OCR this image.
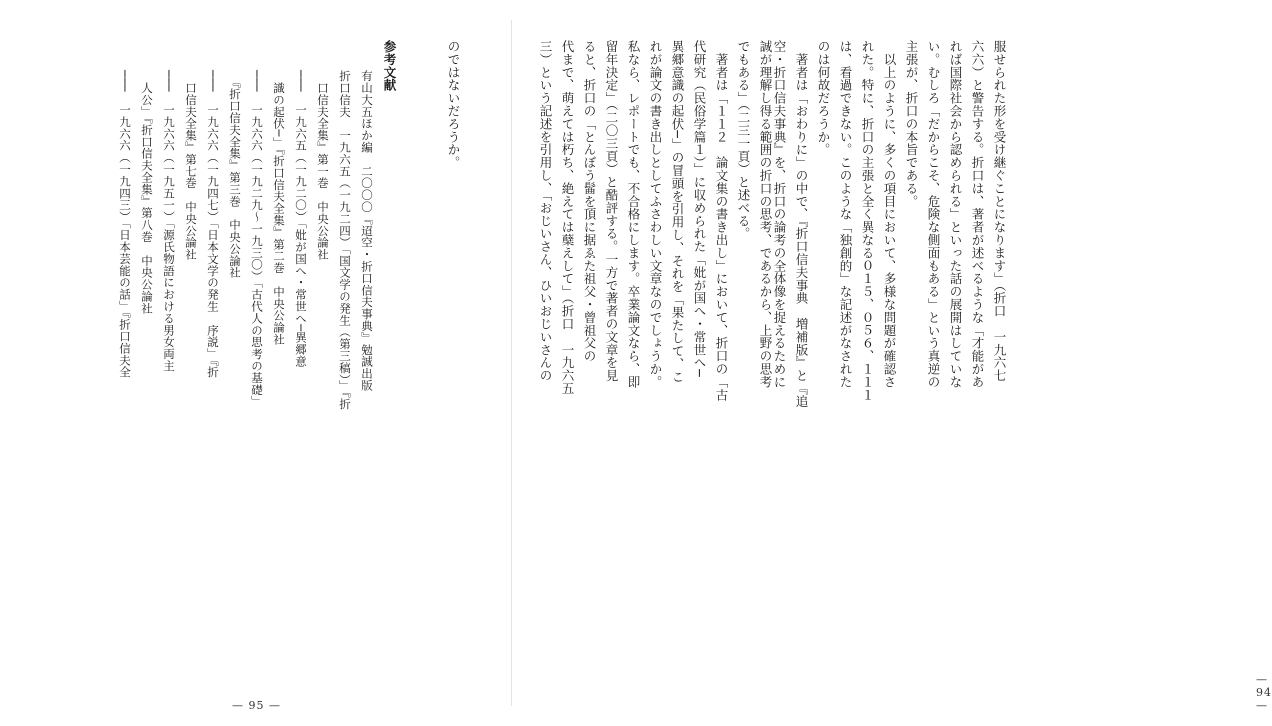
のではないだろうか。
参考文献
有山大五ほか編　二〇〇〇『迢空・折口信夫事典』勉誠出版
折口信夫　一九六五（一九二四）「国文学の発生（第三稿）」『折
　口信夫全集』第一巻　中央公論社
───　一九六五（一九二〇）「妣が国へ・常世へ─異郷意
　識の起伏─」『折口信夫全集』第二巻　中央公論社
───　一九六六（一九二九～一九三〇）「古代人の思考の基礎」
　『折口信夫全集』第三巻　中央公論社
───　一九六六（一九四七）「日本文学の発生　序説」『折
　口信夫全集』第七巻　中央公論社
───　一九六六（一九五一）「源氏物語における男女両主
　人公」『折口信夫全集』第八巻　中央公論社
───　一九六六（一九四三）「日本芸能の話」『折口信夫全
— 95 —
服せられた形を受け継ぐことになります」（折口　一九六七
六六）と警告する。折口は、著者が述べるような「才能があ
れば国際社会から認められる」といった話の展開はしていな
い。むしろ「だからこそ、危険な側面もある」という真逆の
主張が、折口の本旨である。
　以上のように、多くの項目において、多様な問題が確認さ
れた。特に、折口の主張と全く異なる０１５、０５６、１１１
は、看過できない。このような「独創的」な記述がなされた
のは何故だろうか。
　著者は「おわりに」の中で、『折口信夫事典　増補版』と『追
空・折口信夫事典』を、折口の論考の全体像を捉えるために
誠が理解し得る範囲の折口の思考、であるから、上野の思考
でもある」（二三一頁）と述べる。
　著者は「１１２　論文集の書き出し」において、折口の「古
代研究（民俗学篇１）」に収められた「妣が国へ・常世へ─
異郷意識の起伏─」の冒頭を引用し、それを「果たして、こ
れが論文の書き出しとしてふさわしい文章なのでしょうか。
私なら、レポートでも、不合格にします。卒業論文なら、即
留年決定」（二〇三頁）と酷評する。一方で著者の文章を見
ると、折口の「とんぼう髷を頂に据ゑた祖父・曾祖父の
代まで、萌えては朽ち、絶えては蘖えして」（折口　一九六五
三）という記述を引用し、「おじいさん、ひいおじいさんの
— 94 —
